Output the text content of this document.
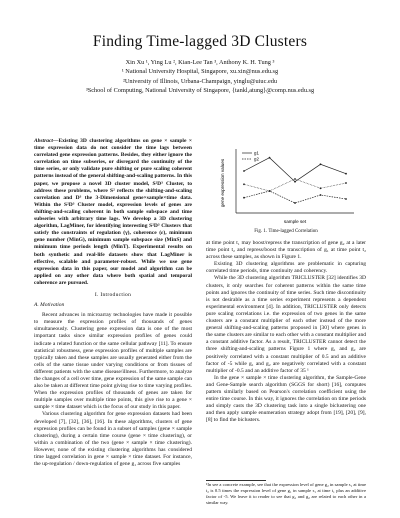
Finding Time-lagged 3D Clusters
Xin Xu ¹, Ying Lu ², Kian-Lee Tan ³, Anthony K. H. Tung ³
¹ National University Hospital, Singapore, xu.xin@nus.edu.sg
²University of Illinois, Urbana-Champaign, yinglu@uiuc.edu
³School of Computing, National University of Singapore, {tankl,atung}@comp.nus.edu.sg

Abstract—Existing 3D clustering algorithms on gene × sample × time expression data do not consider the time lags between correlated gene expression patterns. Besides, they either ignore the correlation on time subseries, or disregard the continuity of the time series, or only validate pure shifting or pure scaling coherent patterns instead of the general shifting-and-scaling patterns. In this paper, we propose a novel 3D cluster model, S²D³ Cluster, to address these problems, where S² reflects the shifting-and-scaling correlation and D³ the 3-Dimensional gene×sample×time data. Within the S²D³ Cluster model, expression levels of genes are shifting-and-scaling coherent in both sample subspace and time subseries with arbitrary time lags. We develop a 3D clustering algorithm, LagMiner, for identifying interesting S²D³ Clusters that satisfy the constraints of regulation (γ), coherence (ε), minimum gene number (MinG), minimum sample subspace size (MinS) and minimum time periods length (MinT). Experimental results on both synthetic and real-life datasets show that LagMiner is effective, scalable and parameter-robust. While we use gene expression data in this paper, our model and algorithm can be applied on any other data where both spatial and temporal coherence are pursued.

I. Introduction
A. Motivation

Recent advances in microarray technologies have made it possible to measure the expression profiles of thousands of genes simultaneously. Clustering gene expression data is one of the most important tasks since similar expression profiles of genes could indicate a related function or the same cellular pathway [11]. To ensure statistical robustness, gene expression profiles of multiple samples are typically taken and these samples are usually generated either from the cells of the same tissue under varying conditions or from tissues of different patients with the same disease/illness. Furthermore, to analyze the changes of a cell over time, gene expression of the same sample can also be taken at different time point giving rise to time varying profiles. When the expression profiles of thousands of genes are taken for multiple samples over multiple time points, this give rise to a gene × sample × time dataset which is the focus of our study in this paper.

Various clustering algorithm for gene expression datasets had been developed [7], [32], [36], [16]. In these algorithms, clusters of gene expression profiles can be found in a subset of samples (gene × sample clustering), during a certain time course (gene × time clustering), or within a combination of the two (gene × sample × time clustering). However, none of the existing clustering algorithms has considered time lagged correlation in gene × sample × time dataset. For instance, the up-regulation / down-regulation of gene g₁ across five samples

gene expression values
sample set
g1
g2
Fig. 1. Time-lagged Correlation

at time point t₁ may boost/repress the transcription of gene g₂ at a later time point t₂ and repress/boost the transcription of g₁ at time point t₂ across these samples, as shown in Figure 1.

Existing 3D clustering algorithms are problematic in capturing correlated time periods, time continuity and coherency.

While the 3D clustering algorithm TRICLUSTER [32] identifies 3D clusters, it only searches for coherent patterns within the same time points and ignores the continuity of time series. Such time discontinuity is not desirable as a time series experiment represents a dependent experimental environment [4]. In addition, TRICLUSTER only detects pure scaling correlations i.e. the expression of two genes in the same clusters are a constant multiplier of each other instead of the more general shifting-and-scaling patterns proposed in [30] where genes in the same clusters are similar to each other with a constant multiplier and a constant additive factor. As a result, TRICLUSTER cannot detect the three shifting-and-scaling patterns Figure 1 where g₁ and g₂ are positively correlated with a constant multiplier of 0.5 and an additive factor of -5 while g₁ and g₂ are negatively correlated with a constant multiplier of -0.5 and an additive factor of 35 ¹

In the gene × sample × time clustering algorithm, the Sample-Gene and Gene-Sample search algorithm (SGGS for short) [16], computes pattern similarly based on Pearson's correlation coefficient using the entire time course. In this way, it ignores the correlation on time periods and simply casts the 3D clustering task into a single biclustering one and then apply sample enumeration strategy adopt from [19], [20], [9], [8] to find the biclusters.

¹In see a concrete example, see that the expression level of gene g₂ in sample s₁ at time t₂ is 0.5 times the expression level of gene g₁ in sample s₁ at time t₁ plus an additive factor of -5. We leave it to reader to see that g₁ and g₂ are related to each other in a similar way.
